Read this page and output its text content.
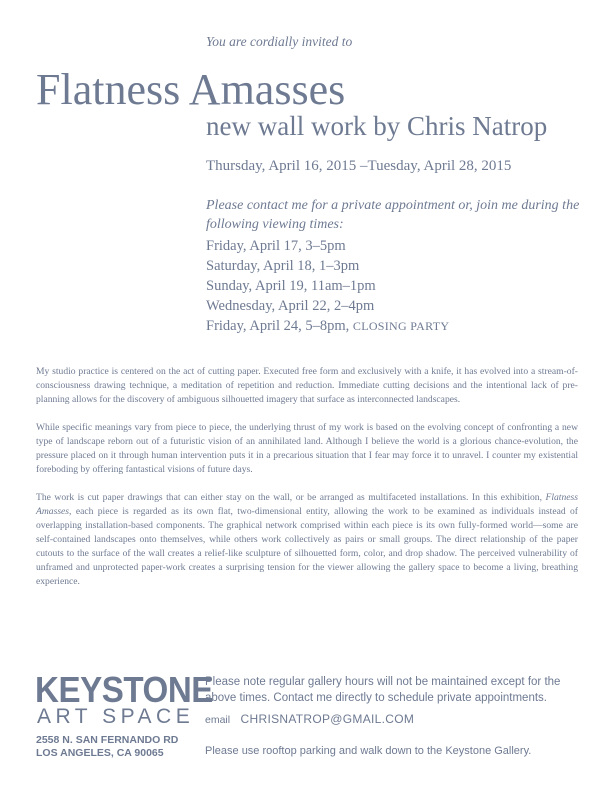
You are cordially invited to
Flatness Amasses
new wall work by Chris Natrop
Thursday, April 16, 2015 –Tuesday, April 28, 2015
Please contact me for a private appointment or, join me during the following viewing times:
Friday, April 17, 3–5pm
Saturday, April 18, 1–3pm
Sunday, April 19, 11am–1pm
Wednesday, April 22, 2–4pm
Friday, April 24, 5–8pm, CLOSING PARTY

My studio practice is centered on the act of cutting paper. Executed free form and exclusively with a knife, it has evolved into a stream-of-consciousness drawing technique, a meditation of repetition and reduction. Immediate cutting decisions and the intentional lack of pre-planning allows for the discovery of ambiguous silhouetted imagery that surface as interconnected landscapes.

While specific meanings vary from piece to piece, the underlying thrust of my work is based on the evolving concept of confronting a new type of landscape reborn out of a futuristic vision of an annihilated land. Although I believe the world is a glorious chance-evolution, the pressure placed on it through human intervention puts it in a precarious situation that I fear may force it to unravel. I counter my existential foreboding by offering fantastical visions of future days.

The work is cut paper drawings that can either stay on the wall, or be arranged as multifaceted installations. In this exhibition, Flatness Amasses, each piece is regarded as its own flat, two-dimensional entity, allowing the work to be examined as individuals instead of overlapping installation-based components. The graphical network comprised within each piece is its own fully-formed world—some are self-contained landscapes onto themselves, while others work collectively as pairs or small groups. The direct relationship of the paper cutouts to the surface of the wall creates a relief-like sculpture of silhouetted form, color, and drop shadow. The perceived vulnerability of unframed and unprotected paper-work creates a surprising tension for the viewer allowing the gallery space to become a living, breathing experience.

KEYSTONE
ART SPACE
2558 N. SAN FERNANDO RD
LOS ANGELES, CA 90065
Please note regular gallery hours will not be maintained except for the above times. Contact me directly to schedule private appointments.
email CHRISNATROP@GMAIL.COM
Please use rooftop parking and walk down to the Keystone Gallery.
